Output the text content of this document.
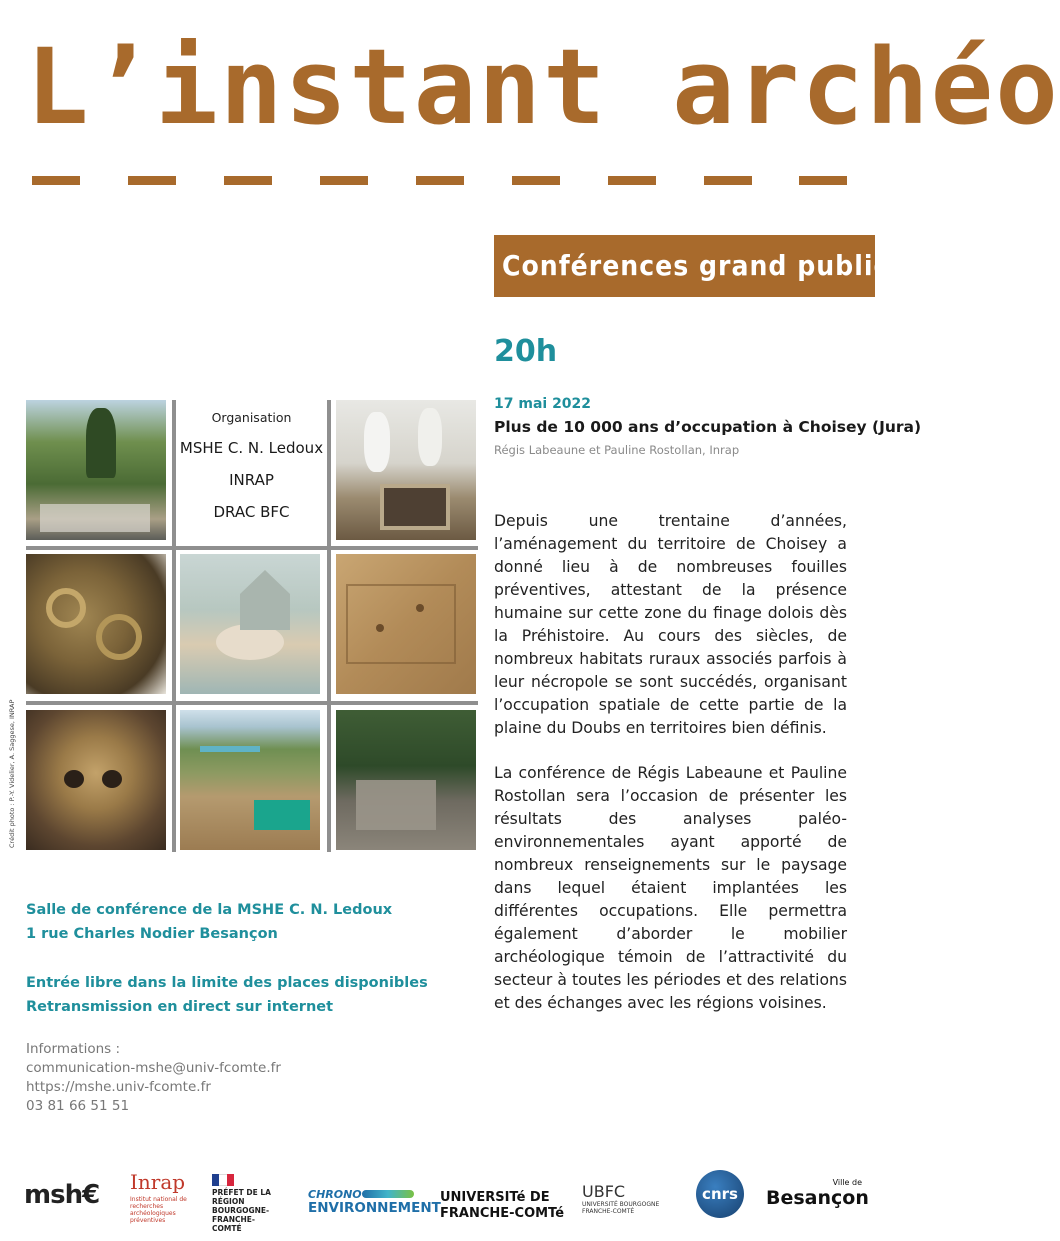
L’instant archéo
Conférences grand public
20h
17 mai 2022
Plus de 10 000 ans d’occupation à Choisey (Jura)
Régis Labeaune et Pauline Rostollan, Inrap
Depuis une trentaine d’années, l’aménagement du territoire de Choisey a donné lieu à de nombreuses fouilles préventives, attestant de la présence humaine sur cette zone du finage dolois dès la Préhistoire. Au cours des siècles, de nombreux habitats ruraux associés parfois à leur nécropole se sont succédés, organisant l’occupation spatiale de cette partie de la plaine du Doubs en territoires bien définis.
La conférence de Régis Labeaune et Pauline Rostollan sera l’occasion de présenter les résultats des analyses paléo-environnementales ayant apporté de nombreux renseignements sur le paysage dans lequel étaient implantées les différentes occupations. Elle permettra également d’aborder le mobilier archéologique témoin de l’attractivité du secteur à toutes les périodes et des relations et des échanges avec les régions voisines.
Organisation
MSHE C. N. Ledoux
INRAP
DRAC BFC
Crédit photo : P.-Y. Videlier, A. Saggese, INRAP
Salle de conférence de la MSHE C. N. Ledoux
1 rue Charles Nodier Besançon
Entrée libre dans la limite des places disponibles
Retransmission en direct sur internet
Informations :
communication-mshe@univ-fcomte.fr
https://mshe.univ-fcomte.fr
03 81 66 51 51
msh€ Inrap
Institut national de recherches archéologiques préventives
PRÉFET DE LA RÉGION BOURGOGNE-FRANCHE-COMTÉ
CHRONO
ENVIRONNEMENT
UNIVERSITé DE
FRANCHE-COMTé
UBFC
UNIVERSITÉ BOURGOGNE FRANCHE-COMTÉ
cnrs
Ville de
Besançon
